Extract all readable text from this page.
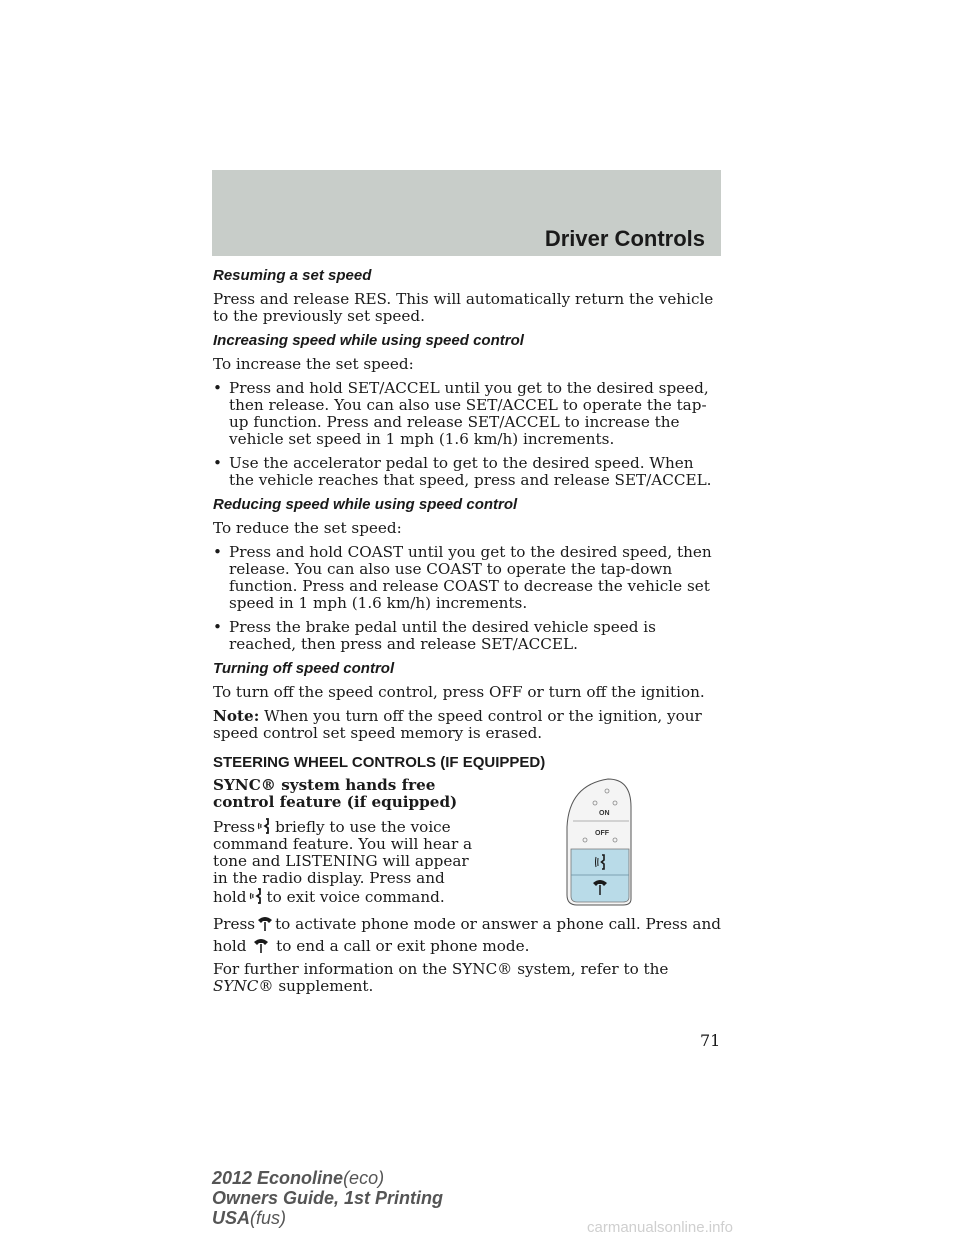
Driver Controls
Resuming a set speed

Press and release RES. This will automatically return the vehicle to the previously set speed.

Increasing speed while using speed control

To increase the set speed:

• Press and hold SET/ACCEL until you get to the desired speed, then release. You can also use SET/ACCEL to operate the tap-up function. Press and release SET/ACCEL to increase the vehicle set speed in 1 mph (1.6 km/h) increments.
• Use the accelerator pedal to get to the desired speed. When the vehicle reaches that speed, press and release SET/ACCEL.
Reducing speed while using speed control

To reduce the set speed:

• Press and hold COAST until you get to the desired speed, then release. You can also use COAST to operate the tap-down function. Press and release COAST to decrease the vehicle set speed in 1 mph (1.6 km/h) increments.
• Press the brake pedal until the desired vehicle speed is reached, then press and release SET/ACCEL.
Turning off speed control

To turn off the speed control, press OFF or turn off the ignition.

Note: When you turn off the speed control or the ignition, your speed control set speed memory is erased.

STEERING WHEEL CONTROLS (IF EQUIPPED)

SYNC® system hands free control feature (if equipped)

Press briefly to use the voice command feature. You will hear a tone and LISTENING will appear in the radio display. Press and
hold to exit voice command.

ON
OFF

Press to activate phone mode or answer a phone call. Press and
hold to end a call or exit phone mode.

For further information on the SYNC® system, refer to the SYNC® supplement.

71
2012 Econoline(eco)
Owners Guide, 1st Printing
USA(fus)	carmanualsonline.info
